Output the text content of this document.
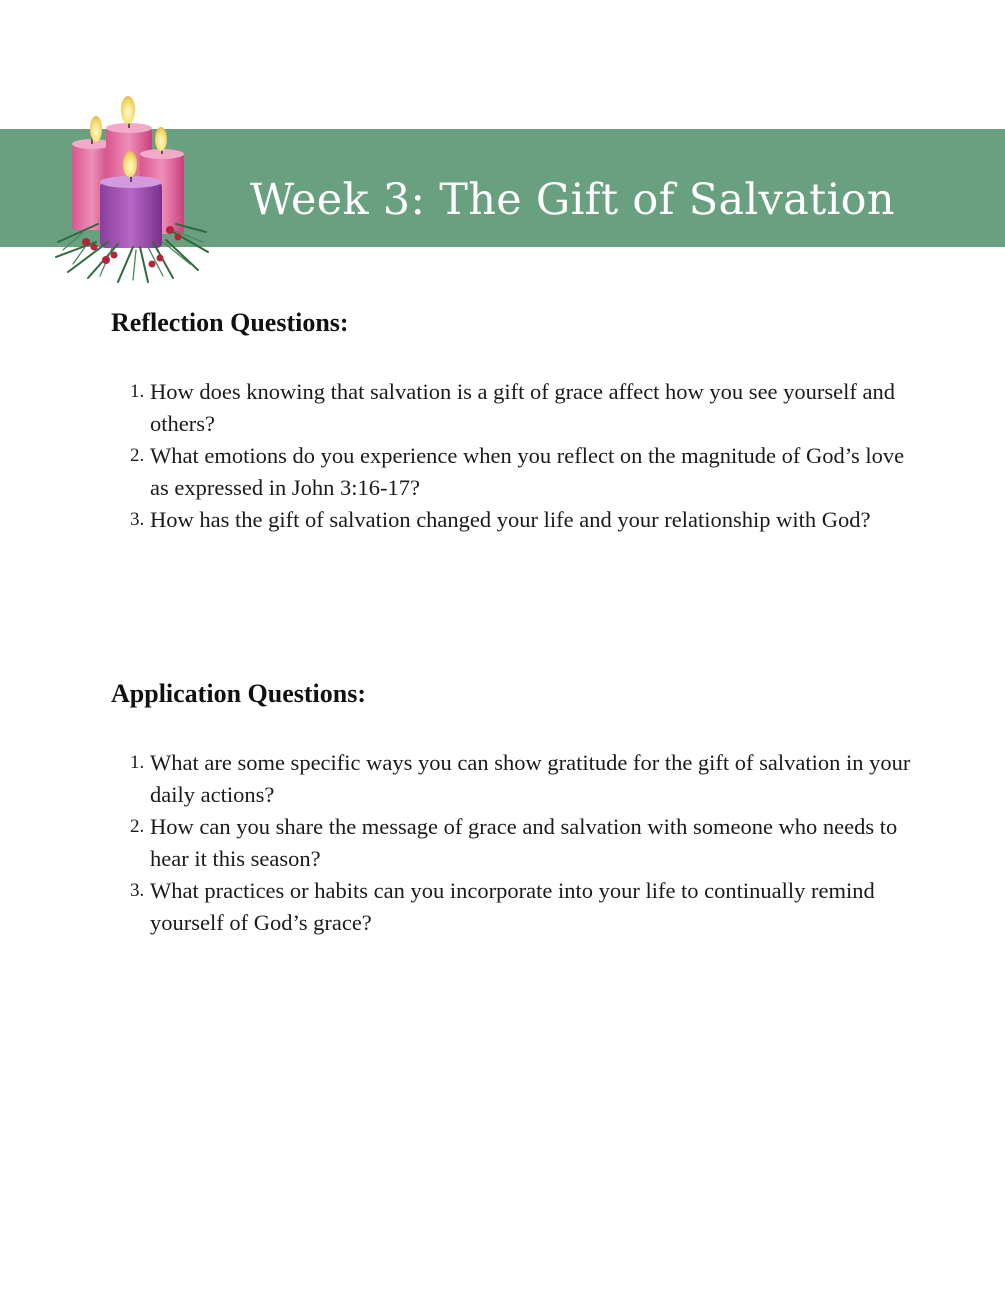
Week 3: The Gift of Salvation
Reflection Questions:
1. How does knowing that salvation is a gift of grace affect how you see yourself and others?
2. What emotions do you experience when you reflect on the magnitude of God’s love as expressed in John 3:16-17?
3. How has the gift of salvation changed your life and your relationship with God?
Application Questions:
1. What are some specific ways you can show gratitude for the gift of salvation in your daily actions?
2. How can you share the message of grace and salvation with someone who needs to hear it this season?
3. What practices or habits can you incorporate into your life to continually remind yourself of God’s grace?
